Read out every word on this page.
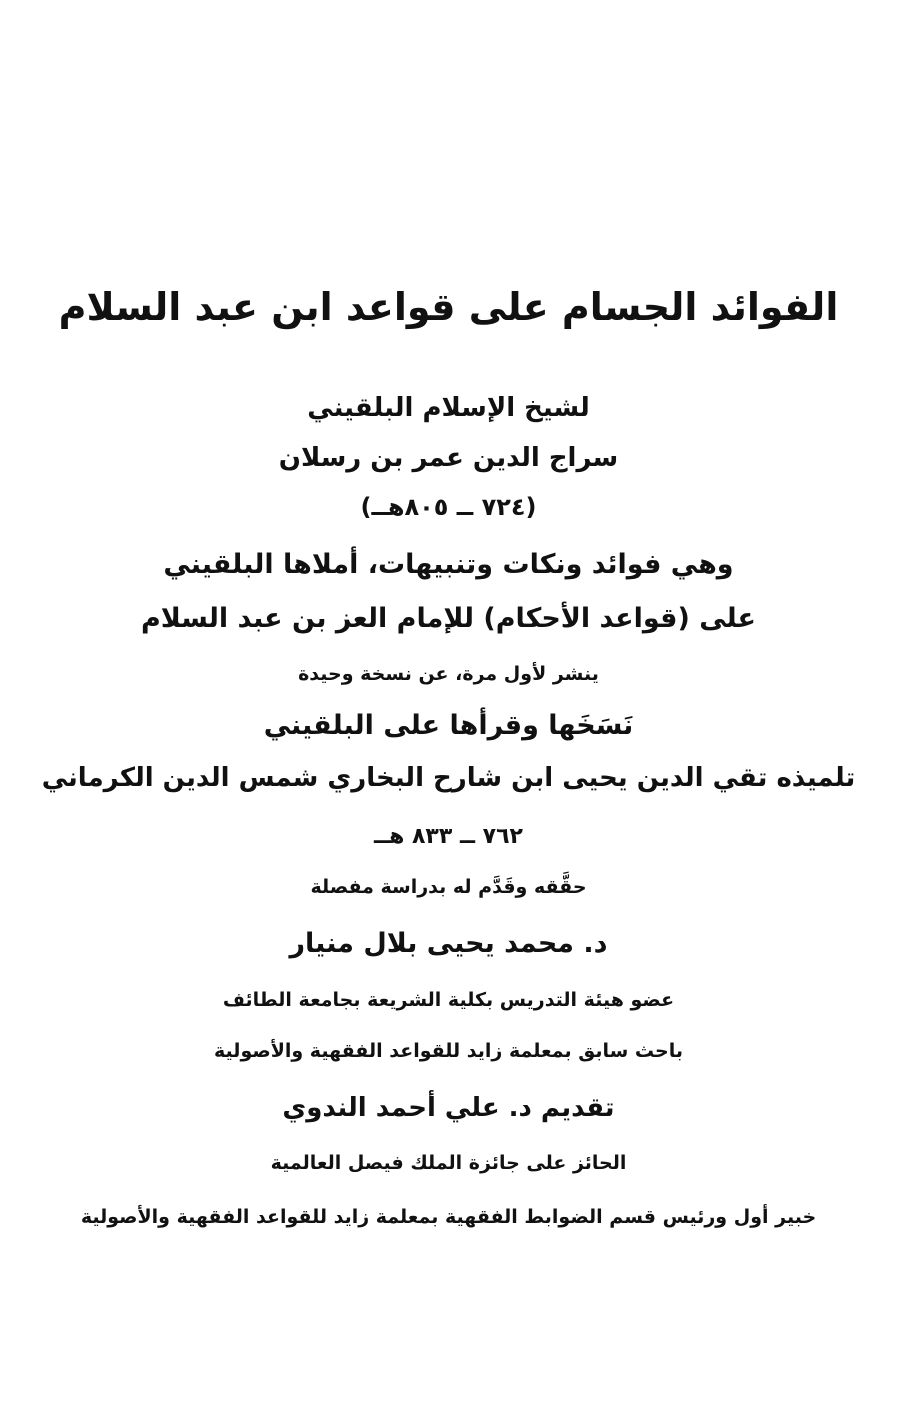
الفوائد الجسام على قواعد ابن عبد السلام
لشيخ الإسلام البلقيني
سراج الدين عمر بن رسلان
(٧٢٤ ــ ٨٠٥هــ)
وهي فوائد ونكات وتنبيهات، أملاها البلقيني
على (قواعد الأحكام) للإمام العز بن عبد السلام
ينشر لأول مرة، عن نسخة وحيدة
نَسَخَها وقرأها على البلقيني
تلميذه تقي الدين يحيى ابن شارح البخاري شمس الدين الكرماني
٧٦٢ ــ ٨٣٣ هــ
حقَّقه وقَدَّم له بدراسة مفصلة
د. محمد يحيى بلال منيار
عضو هيئة التدريس بكلية الشريعة بجامعة الطائف
باحث سابق بمعلمة زايد للقواعد الفقهية والأصولية
تقديم د. علي أحمد الندوي
الحائز على جائزة الملك فيصل العالمية
خبير أول ورئيس قسم الضوابط الفقهية بمعلمة زايد للقواعد الفقهية والأصولية
